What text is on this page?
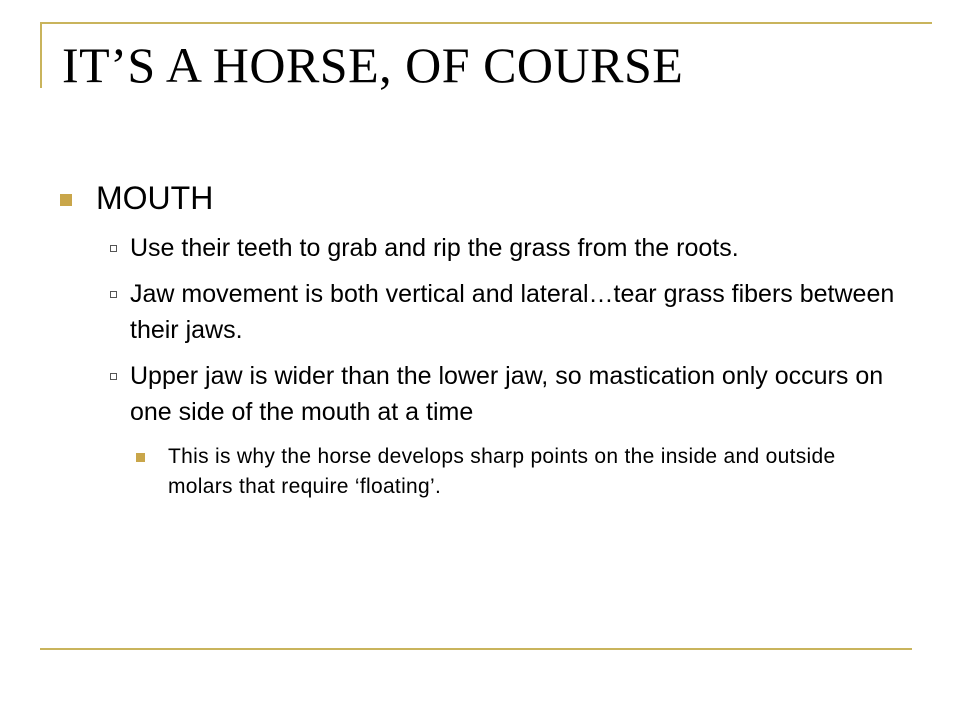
IT’S A HORSE, OF COURSE
MOUTH
Use their teeth to grab and rip the grass from the roots.
Jaw movement is both vertical and lateral…tear grass fibers between their jaws.
Upper jaw is wider than the lower jaw, so mastication only occurs on one side of the mouth at a time
This is why the horse develops sharp points on the inside and outside molars that require ‘floating’.
